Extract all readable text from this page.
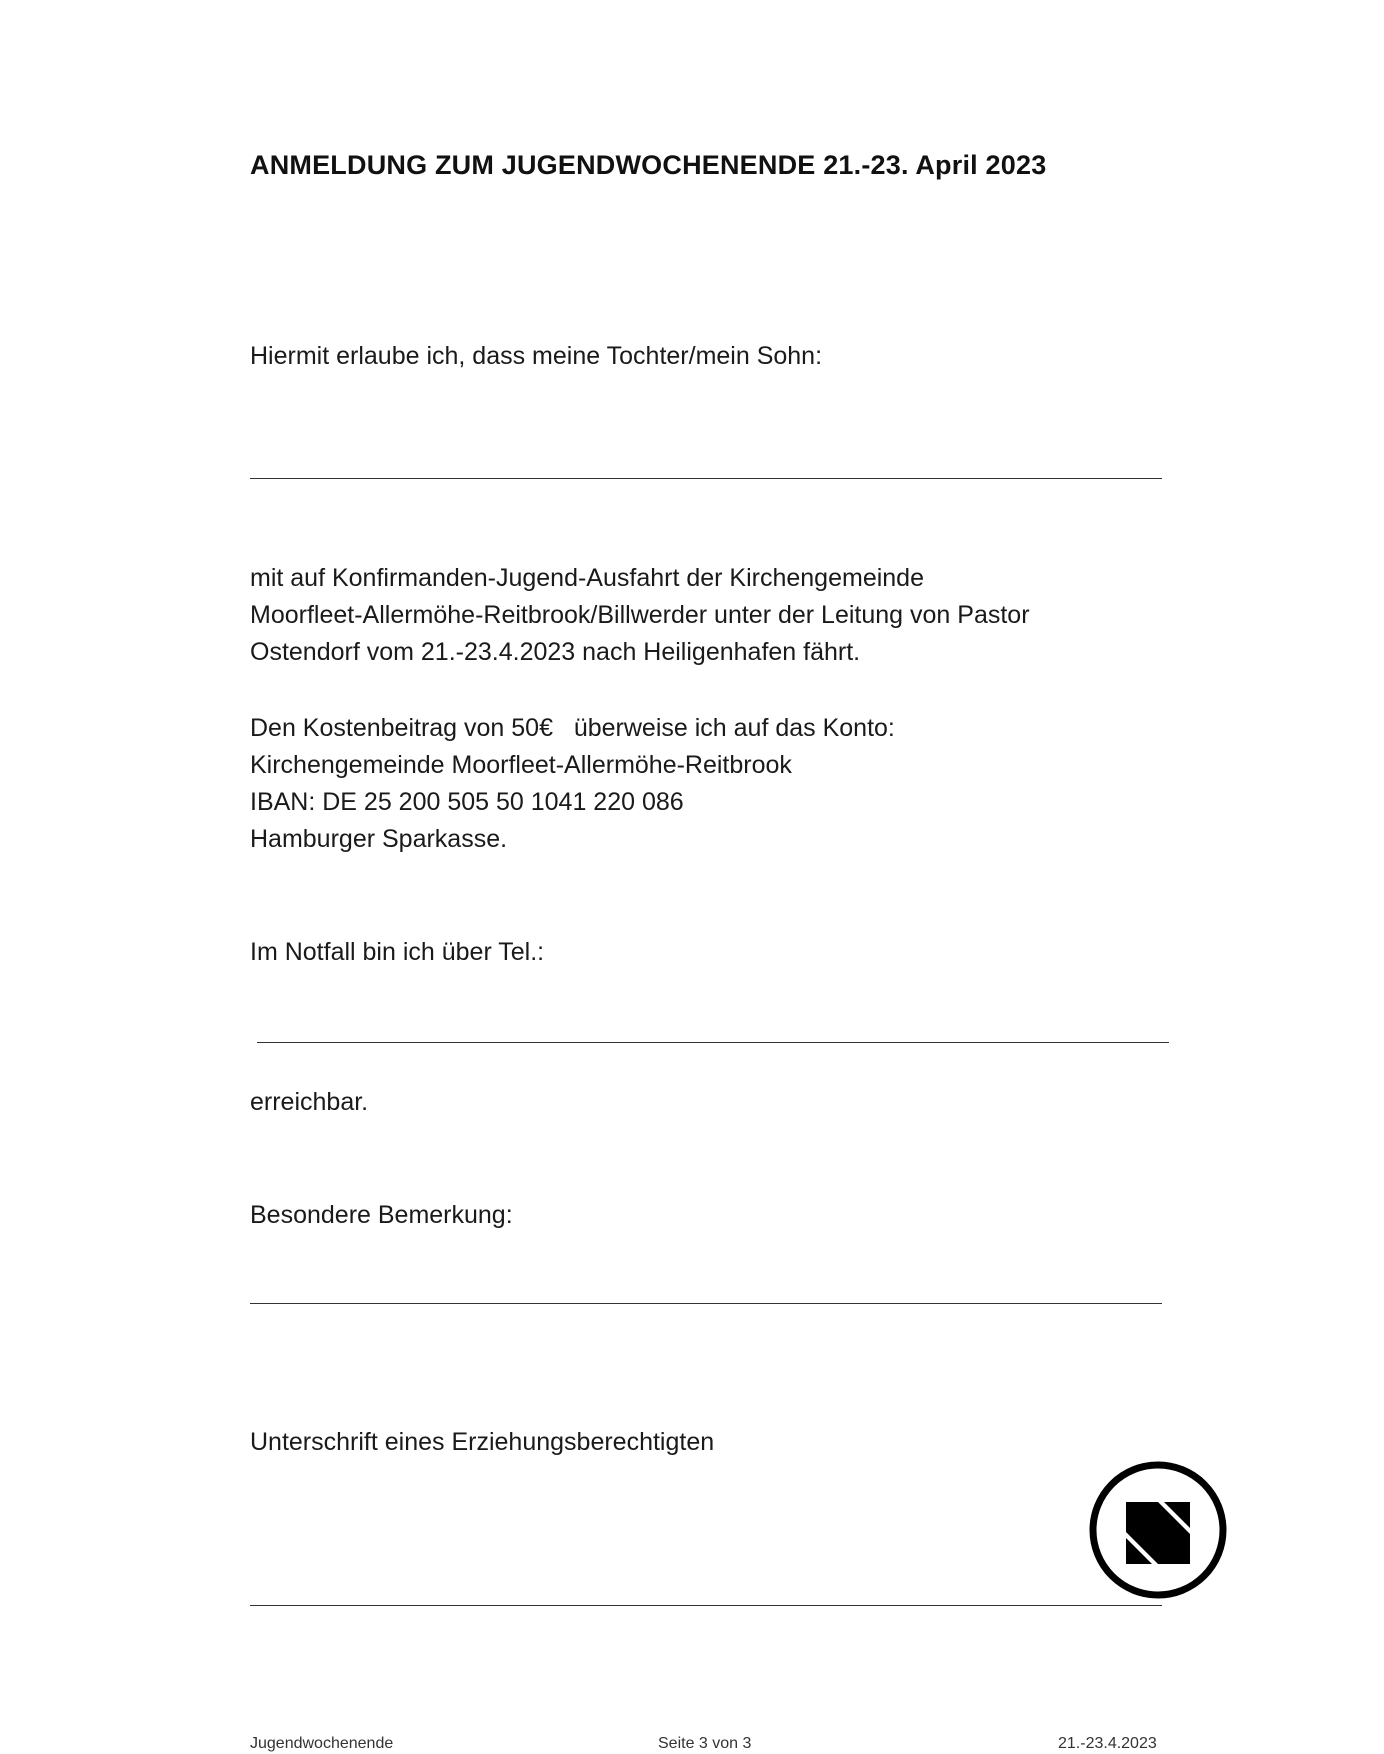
ANMELDUNG ZUM JUGENDWOCHENENDE 21.-23. April 2023
Hiermit erlaube ich, dass meine Tochter/mein Sohn:
mit auf Konfirmanden-Jugend-Ausfahrt der Kirchengemeinde
Moorfleet-Allermöhe-Reitbrook/Billwerder unter der Leitung von Pastor
Ostendorf vom 21.-23.4.2023 nach Heiligenhafen fährt.
Den Kostenbeitrag von 50€   überweise ich auf das Konto:
Kirchengemeinde Moorfleet-Allermöhe-Reitbrook
IBAN: DE 25 200 505 50 1041 220 086
Hamburger Sparkasse.
Im Notfall bin ich über Tel.:
erreichbar.
Besondere Bemerkung:
Unterschrift eines Erziehungsberechtigten
Jugendwochenende	Seite 3 von 3	21.-23.4.2023
